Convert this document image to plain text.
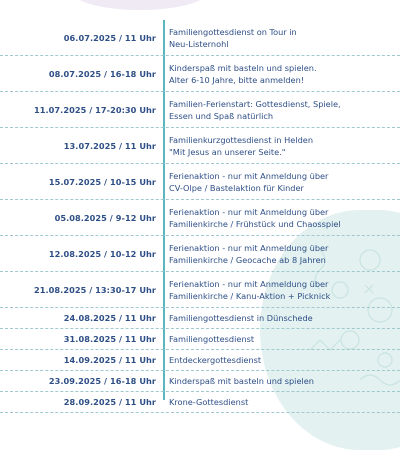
06.07.2025 / 11 Uhr
Familiengottesdienst on Tour in
Neu-Listernohl
08.07.2025 / 16-18 Uhr
Kinderspaß mit basteln und spielen.
Alter 6-10 Jahre, bitte anmelden!
11.07.2025 / 17-20:30 Uhr
Familien-Ferienstart: Gottesdienst, Spiele,
Essen und Spaß natürlich
13.07.2025 / 11 Uhr
Familienkurzgottesdienst in Helden
"Mit Jesus an unserer Seite."
15.07.2025 / 10-15 Uhr
Ferienaktion - nur mit Anmeldung über
CV-Olpe / Bastelaktion für Kinder
05.08.2025 / 9-12 Uhr
Ferienaktion - nur mit Anmeldung über
Familienkirche / Frühstück und Chaosspiel
12.08.2025 / 10-12 Uhr
Ferienaktion - nur mit Anmeldung über
Familienkirche / Geocache ab 8 Jahren
21.08.2025 / 13:30-17 Uhr
Ferienaktion - nur mit Anmeldung über
Familienkirche / Kanu-Aktion + Picknick
24.08.2025 / 11 Uhr Familiengottesdienst in Dünschede
31.08.2025 / 11 Uhr Familiengottesdienst
14.09.2025 / 11 Uhr Entdeckergottesdienst
23.09.2025 / 16-18 Uhr Kinderspaß mit basteln und spielen
28.09.2025 / 11 Uhr Krone-Gottesdienst
